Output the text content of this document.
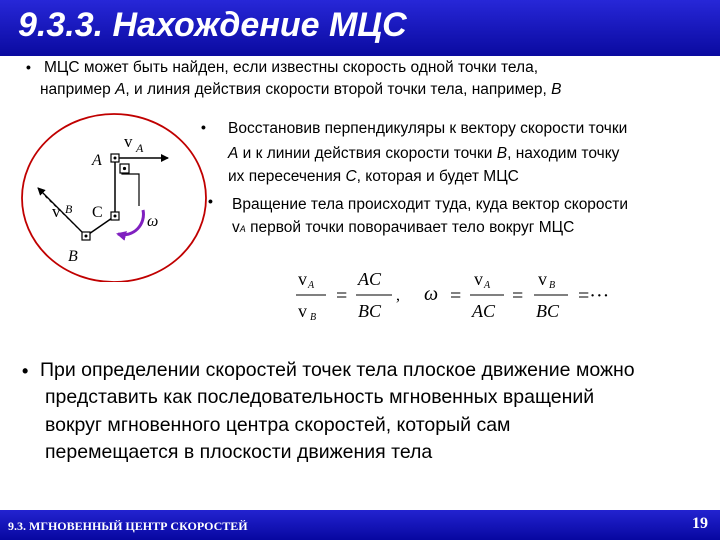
9.3.3. Нахождение МЦС
• МЦС может быть найден, если известны скорость одной точки тела,
например А, и линия действия скорости второй точки тела, например, В
v A
A
v B C
B
ω
• Восстановив перпендикуляры к вектору скорости точки
А и к линии действия скорости точки В, находим точку
их пересечения С, которая и будет МЦС
• Вращение тела происходит туда, куда вектор скорости
vA первой точки поворачивает тело вокруг МЦС
v A
v B
=
AC
BC
, ω =
v A
AC
=
v B
BC
=···
• При определении скоростей точек тела плоское движение можно
представить как последовательность мгновенных вращений
вокруг мгновенного центра скоростей, который сам
перемещается в плоскости движения тела
9.3. МГНОВЕННЫЙ ЦЕНТР СКОРОСТЕЙ	19
